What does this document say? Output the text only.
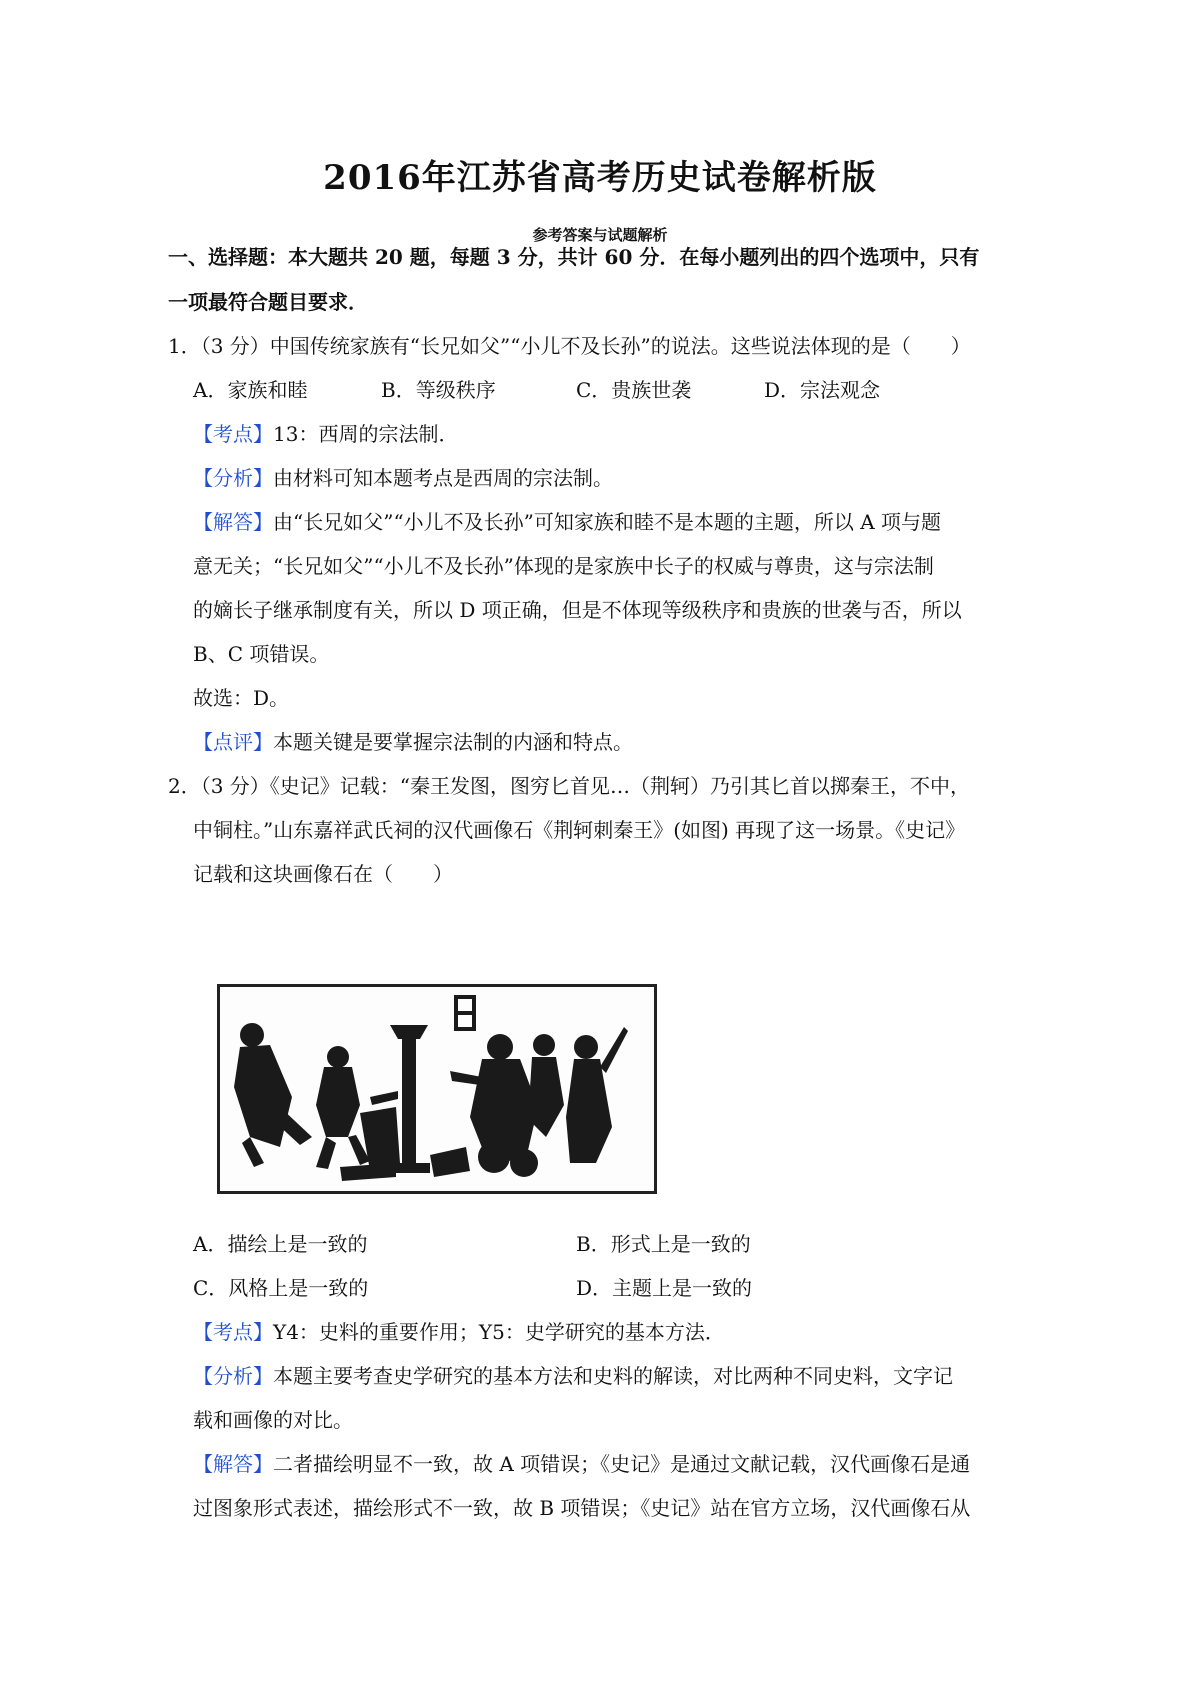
2016年江苏省高考历史试卷解析版
参考答案与试题解析
一、选择题：本大题共 20 题，每题 3 分，共计 60 分．在每小题列出的四个选项中，只有
一项最符合题目要求．
1．（3 分）中国传统家族有“长兄如父”“小儿不及长孙”的说法。这些说法体现的是（　　）
A．家族和睦	B．等级秩序	C．贵族世袭	D．宗法观念
【考点】13：西周的宗法制．
【分析】由材料可知本题考点是西周的宗法制。
【解答】由“长兄如父”“小儿不及长孙”可知家族和睦不是本题的主题，所以 A 项与题
意无关；“长兄如父”“小儿不及长孙”体现的是家族中长子的权威与尊贵，这与宗法制
的嫡长子继承制度有关，所以 D 项正确，但是不体现等级秩序和贵族的世袭与否，所以
B、C 项错误。
故选：D。
【点评】本题关键是要掌握宗法制的内涵和特点。
2．（3 分）《史记》记载：“秦王发图，图穷匕首见…（荆轲）乃引其匕首以掷秦王，不中，
中铜柱。”山东嘉祥武氏祠的汉代画像石《荆轲刺秦王》(如图) 再现了这一场景。《史记》
记载和这块画像石在（　　）
A．描绘上是一致的	B．形式上是一致的
C．风格上是一致的	D．主题上是一致的
【考点】Y4：史料的重要作用；Y5：史学研究的基本方法．
【分析】本题主要考查史学研究的基本方法和史料的解读，对比两种不同史料，文字记
载和画像的对比。
【解答】二者描绘明显不一致，故 A 项错误；《史记》是通过文献记载，汉代画像石是通
过图象形式表述，描绘形式不一致，故 B 项错误；《史记》站在官方立场，汉代画像石从
